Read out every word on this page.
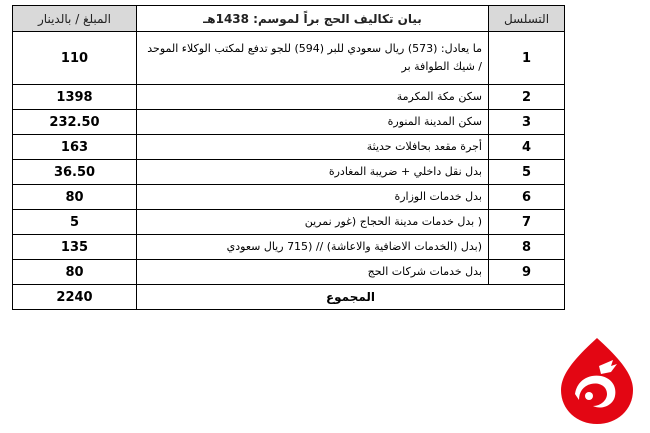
التسلسل	بيان تكاليف الحج براً لموسم: 1438هـ	المبلغ / بالدينار
1	ما يعادل: (573) ريال سعودي للبر (594) للجو تدفع لمكتب الوكلاء الموحد / شيك الطوافة بر	110
2	سكن مكة المكرمة	1398
3	سكن المدينة المنورة	232.50
4	أجرة مقعد بحافلات حديثة	163
5	بدل نقل داخلي + ضريبة المغادرة	36.50
6	بدل خدمات الوزارة	80
7	( بدل خدمات مدينة الحجاج (غور نمرين	5
8	(بدل (الخدمات الاضافية والاعاشة) // (715 ريال سعودي	135
9	بدل خدمات شركات الحج	80
المجموع		2240
